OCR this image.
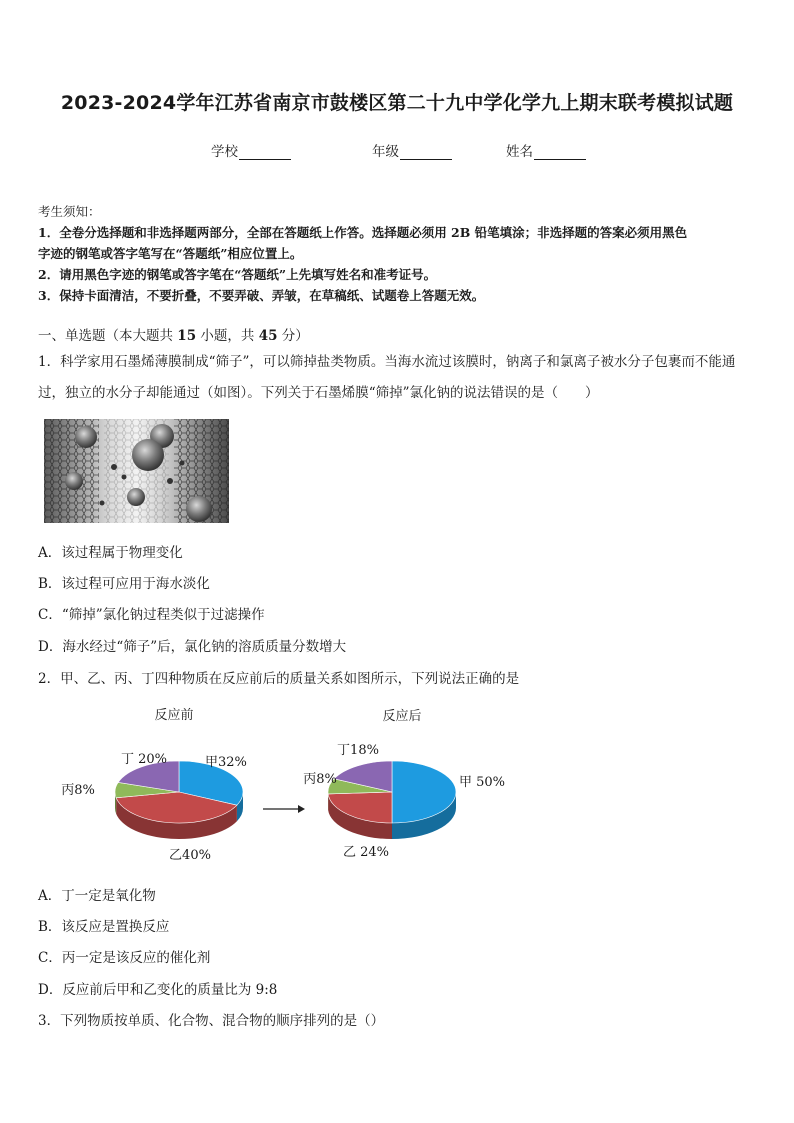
2023-2024学年江苏省南京市鼓楼区第二十九中学化学九上期末联考模拟试题
学校	年级	姓名
考生须知：
1．全卷分选择题和非选择题两部分，全部在答题纸上作答。选择题必须用 2B 铅笔填涂；非选择题的答案必须用黑色
字迹的钢笔或答字笔写在“答题纸”相应位置上。
2．请用黑色字迹的钢笔或答字笔在“答题纸”上先填写姓名和准考证号。
3．保持卡面清洁，不要折叠，不要弄破、弄皱，在草稿纸、试题卷上答题无效。
一、单选题（本大题共 15 小题，共 45 分）
1．科学家用石墨烯薄膜制成“筛子”，可以筛掉盐类物质。当海水流过该膜时，钠离子和氯离子被水分子包裹而不能通
过，独立的水分子却能通过（如图）。下列关于石墨烯膜“筛掉”氯化钠的说法错误的是（　　）
A．该过程属于物理变化
B．该过程可应用于海水淡化
C．“筛掉”氯化钠过程类似于过滤操作
D．海水经过“筛子”后，氯化钠的溶质质量分数增大
2．甲、乙、丙、丁四种物质在反应前后的质量关系如图所示，下列说法正确的是
反应前
甲32%
乙40%
丙8%
丁 20%
反应后
甲 50%
乙 24%
丙8%
丁18%
A．丁一定是氧化物
B．该反应是置换反应
C．丙一定是该反应的催化剂
D．反应前后甲和乙变化的质量比为 9:8
3．下列物质按单质、化合物、混合物的顺序排列的是（）
